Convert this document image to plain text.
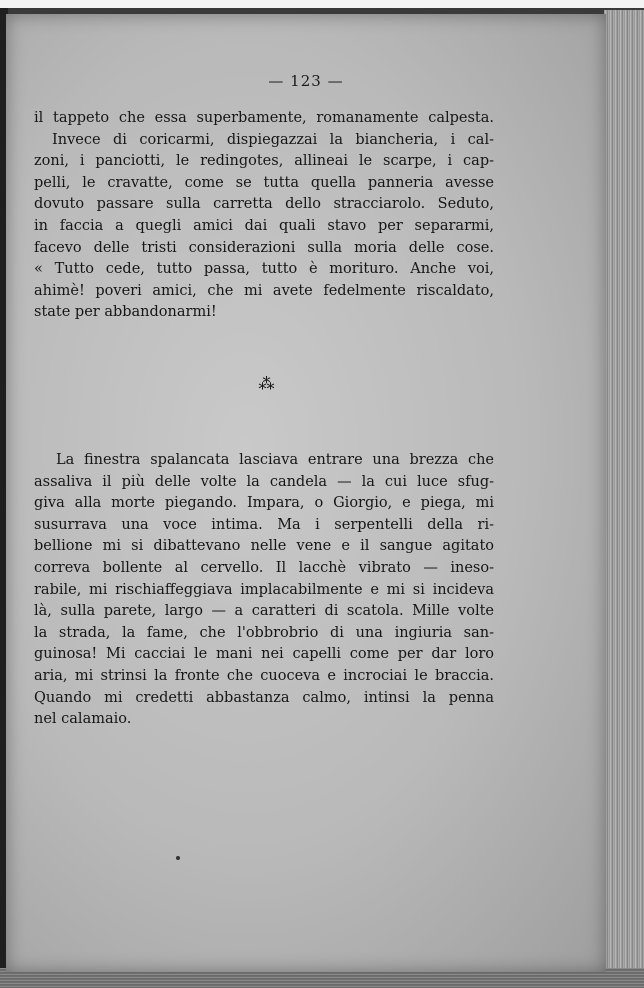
— 123 —
il tappeto che essa superbamente, romanamente calpesta.
Invece di coricarmi, dispiegazzai la biancheria, i cal-
zoni, i panciotti, le redingotes, allineai le scarpe, i cap-
pelli, le cravatte, come se tutta quella panneria avesse
dovuto passare sulla carretta dello stracciarolo. Seduto,
in faccia a quegli amici dai quali stavo per separarmi,
facevo delle tristi considerazioni sulla moria delle cose.
« Tutto cede, tutto passa, tutto è morituro. Anche voi,
ahimè! poveri amici, che mi avete fedelmente riscaldato,
state per abbandonarmi!
⁂
La finestra spalancata lasciava entrare una brezza che
assaliva il più delle volte la candela — la cui luce sfug-
giva alla morte piegando. Impara, o Giorgio, e piega, mi
susurrava una voce intima. Ma i serpentelli della ri-
bellione mi si dibattevano nelle vene e il sangue agitato
correva bollente al cervello. Il lacchè vibrato — ineso-
rabile, mi rischiaffeggiava implacabilmente e mi si incideva
là, sulla parete, largo — a caratteri di scatola. Mille volte
la strada, la fame, che l'obbrobrio di una ingiuria san-
guinosa! Mi cacciai le mani nei capelli come per dar loro
aria, mi strinsi la fronte che cuoceva e incrociai le braccia.
Quando mi credetti abbastanza calmo, intinsi la penna
nel calamaio.
